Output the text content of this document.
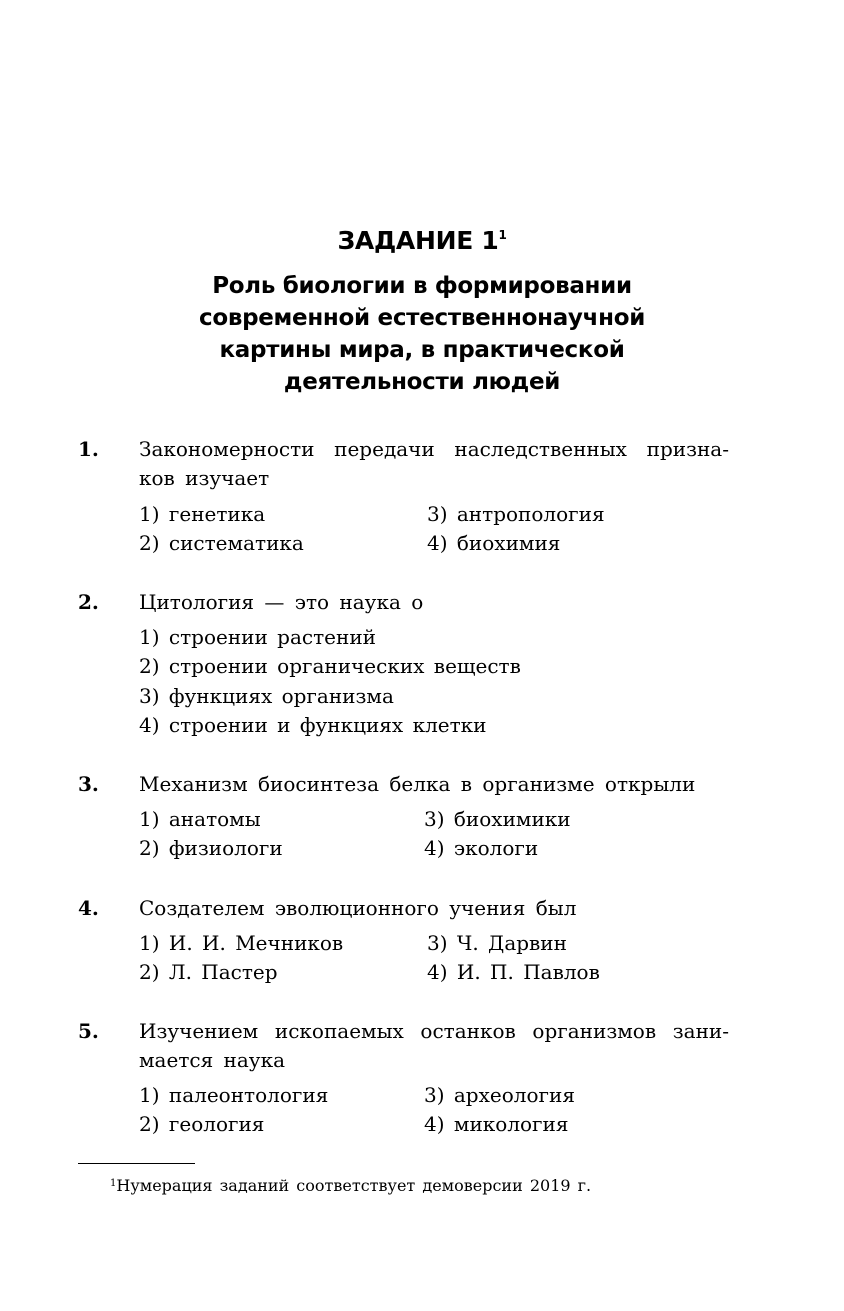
ЗАДАНИЕ $1^1$
Роль биологии в формировании
современной естественнонаучной
картины мира, в практической
деятельности людей
1. Закономерности передачи наследственных призна-ков изучает
1) генетика
2) систематика
3) антропология
4) биохимия
2. Цитология — это наука о
1) строении растений
2) строении органических веществ
3) функциях организма
4) строении и функциях клетки
3. Механизм биосинтеза белка в организме открыли
1) анатомы
2) физиологи
3) биохимики
4) экологи
4. Создателем эволюционного учения был
1) И. И. Мечников
2) Л. Пастер
3) Ч. Дарвин
4) И. П. Павлов
5. Изучением ископаемых останков организмов зани-мается наука
1) палеонтология
2) геология
3) археология
4) микология
$^1$Нумерация заданий соответствует демоверсии 2019 г.
